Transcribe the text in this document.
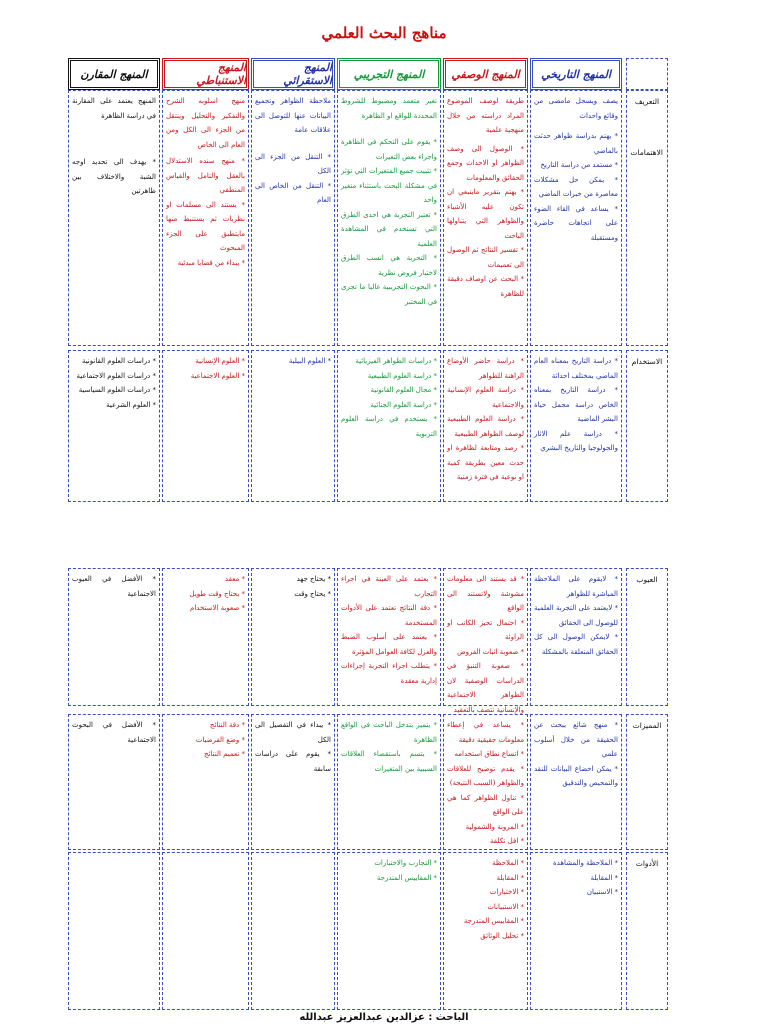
مناهج البحث العلمي
المنهج التاريخي
المنهج الوصفي
المنهج التجريبي
المنهج الاستقرائي
المنهج الاستنباطي
المنهج المقارن
التعريف
الاهتمامات
يصف ويسجل مامضى من وقائع واحداث
* يهتم بدراسة ظواهر حدثت بالماضي
* مستمد من دراسة التاريخ
* يمكن حل مشكلات معاصرة من خبرات الماضي
* يساعد في القاء الضوء على اتجاهات حاضرة ومستقبلة
طريقة لوصف الموضوع المراد دراسته من خلال منهجية علمية
* الوصول الى وصف الظواهر او الاحداث وجمع الحقائق والمعلومات
* يهتم بتقرير ماينبغي ان تكون عليه الأشياء والظواهر التي يتناولها الباحث
* تفسير النتائج ثم الوصول الى تعميمات
* البحث عن اوصاف دقيقة للظاهرة
تغير متعمد ومضبوط للشروط المحددة للواقع او الظاهرة
* يقوم على التحكم في الظاهرة واجراء بعض التغيرات
* تثبيت جميع المتغيرات التي تؤثر في مشكلة البحث باستثناء متغير واحد
* تعتبر التجربة هي احدى الطرق التي تستخدم في المشاهدة العلمية
* التجربة هي انسب الطرق لاختبار فروض نظرية
* البحوث التجريبية غالبا ما تجرى في المختبر
ملاحظة الظواهر وتجميع البيانات عنها للتوصل الى علاقات عامة
* التنقل من الجزء الى الكل
* التنقل من الخاص الى العام
منهج اسلوبه الشرح والتفكير والتحليل وينتقل من الجزء الى الكل ومن العام الى الخاص
* منهج سنده الاستدلال بالعقل والتامل والقياس المنطقي
* يستند الى مسلمات او نظريات ثم يستنبط منها مايتطبق على الجزء المبحوث
* يبداء من قضايا مبدئية
المنهج يعتمد على المقارنة في دراسة الظاهرة
* يهدف الى تحديد اوجه الشبة والاختلاف بين ظاهرتين
الاستخدام
* دراسة التاريخ بمعناه العام الماضي بمختلف احداثة
* دراسة التاريخ بمعناه الخاص دراسة مجمل حياة البشر الماضية
* دراسة علم الاثار والجولوجيا والتاريخ البشري
* دراسة حاضر الأوضاع الراهنة للظواهر
* دراسة العلوم الإنسانية والاجتماعية
* دراسة العلوم الطبيعية لوصف الظواهر الطبيعية
* رصد ومتابعة لظاهرة او حدث معين بطريقة كمية او نوعية في فترة زمنية
* دراسات الظواهر الفيزيائية
* دراسة العلوم الطبيعية
* مجال العلوم القانونية
* دراسة العلوم الجنائية
* يستخدم في دراسة العلوم التربوية
* العلوم البيلية
* العلوم الإنسانية
* العلوم الاجتماعية
* دراسات العلوم القانونية
* دراسات العلوم الاجتماعية
* دراسات العلوم السياسية
* العلوم الشرعية
العيوب
* لايقوم على الملاحظة المباشرة للظواهر
* لايعتمد على التجربة العلمية للوصول الى الحقائق
* لايمكن الوصول الى كل الحقائق المتعلقة بالمشكلة
* قد يستند الى معلومات مشوشة ولاتستند الى الواقع
* احتمال تحيز الكاتب او الراوئة
* صعوبة اثبات الفروض
* صعوبة التنبؤ في الدراسات الوصفية لان الظواهر الاجتماعية والإنسانية تتصف بالتعقيد
* يعتمد على العينة في اجراء التجارب
* دقة النتائج تعتمد على الأدوات المستخدمة
* يعتمد على أسلوب الضبط والعزل لكافة العوامل المؤثرة
* يتطلب اجراء التجربة إجراءات إدارية معقدة
* يحتاج جهد
* يحتاج وقت
* معقد
* يحتاج وقت طويل
* صعوبة الاستخدام
* الأفضل في العيوب الاجتماعية
المميزات
* منهج شائع يبحث عن الحقيقة من خلال أسلوب علمي
* يمكن اخضاع البيانات للنقد والتمحيص والتدقيق
* يساعد في إعطاء معلومات حقيقية دقيقة
* اتساع نطاق استخدامه
* يقدم توضيح للعلاقات والظواهر (السبب النتيجة)
* تناول الظواهر كما هي على الواقع
* المرونة والشمولية
* اقل تكلفة
* يتميز بتدخل الباحث في الواقع الظاهرة
* يتسم باستقصاء العلاقات السببية بين المتغيرات
* يبداء في التفصيل الى الكل
* يقوم على دراسات سابقة
* دقة النتائج
* وضع الفرضيات
* تعميم النتائج
* الأفضل في البحوث الاجتماعية
الأدوات
* الملاحظة والمشاهدة
* المقابلة
* الاستبيان
* الملاحظة
* المقابلة
* الاختبارات
* الاستبيانات
* المقاييس المتدرجة
* تحليل الوثائق
* التجارب والاختبارات
* المقاييس المتدرجة
الباحث : عزالدين عبدالعزيز عبدالله
